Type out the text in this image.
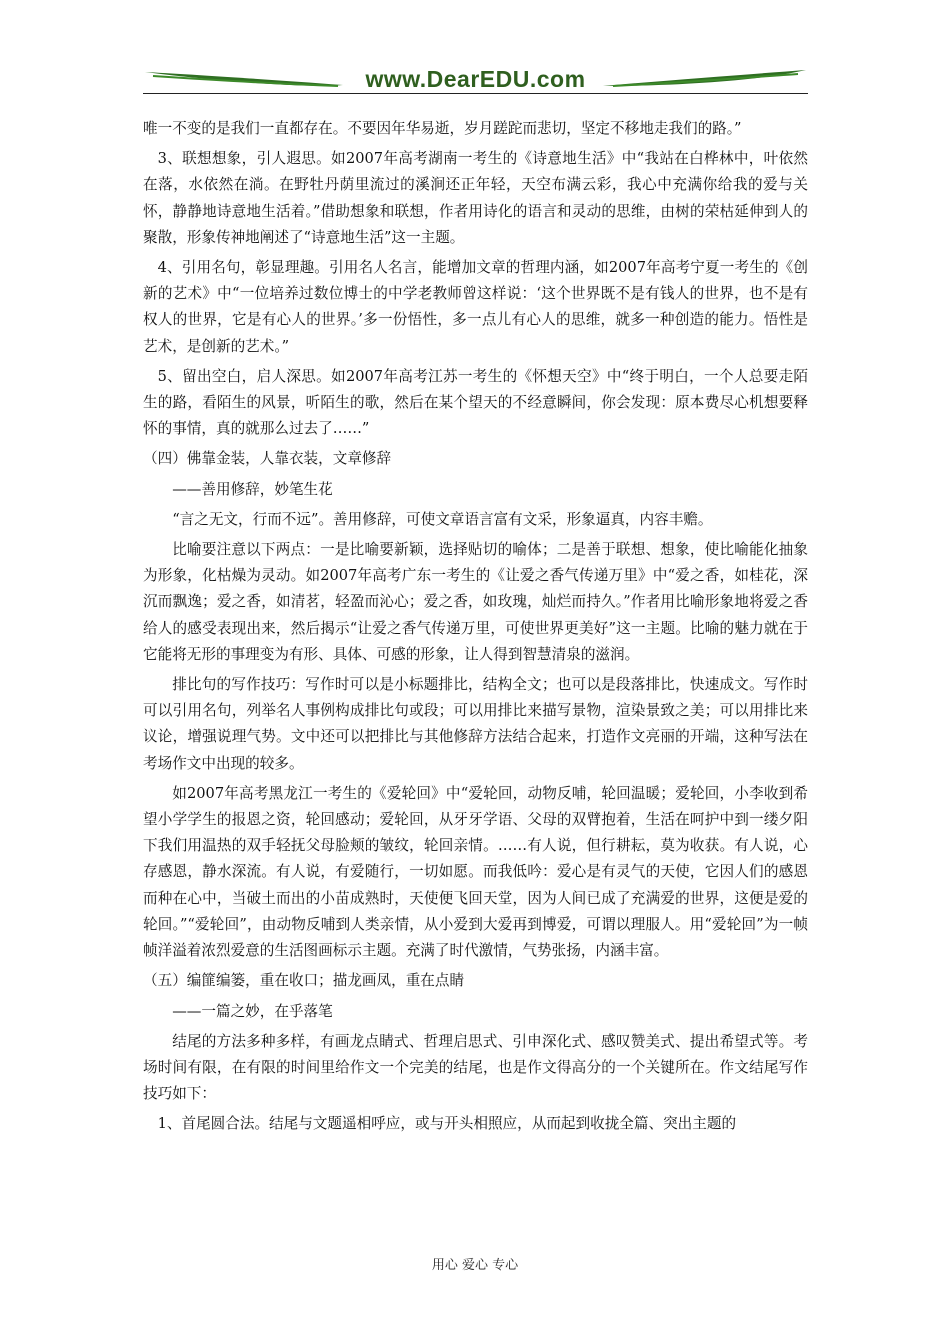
www.DearEDU.com

唯一不变的是我们一直都存在。不要因年华易逝，岁月蹉跎而悲切，坚定不移地走我们的路。”

3、联想想象，引人遐思。如2007年高考湖南一考生的《诗意地生活》中“我站在白桦林中，叶依然在落，水依然在淌。在野牡丹荫里流过的溪涧还正年轻，天空布满云彩，我心中充满你给我的爱与关怀，静静地诗意地生活着。”借助想象和联想，作者用诗化的语言和灵动的思维，由树的荣枯延伸到人的聚散，形象传神地阐述了“诗意地生活”这一主题。

4、引用名句，彰显理趣。引用名人名言，能增加文章的哲理内涵，如2007年高考宁夏一考生的《创新的艺术》中“一位培养过数位博士的中学老教师曾这样说：‘这个世界既不是有钱人的世界，也不是有权人的世界，它是有心人的世界。’多一份悟性，多一点儿有心人的思维，就多一种创造的能力。悟性是艺术，是创新的艺术。”

5、留出空白，启人深思。如2007年高考江苏一考生的《怀想天空》中“终于明白，一个人总要走陌生的路，看陌生的风景，听陌生的歌，然后在某个望天的不经意瞬间，你会发现：原本费尽心机想要释怀的事情，真的就那么过去了……”

（四）佛靠金装，人靠衣装，文章修辞

——善用修辞，妙笔生花

“言之无文，行而不远”。善用修辞，可使文章语言富有文采，形象逼真，内容丰赡。

比喻要注意以下两点：一是比喻要新颖，选择贴切的喻体；二是善于联想、想象，使比喻能化抽象为形象，化枯燥为灵动。如2007年高考广东一考生的《让爱之香气传递万里》中“爱之香，如桂花，深沉而飘逸；爱之香，如清茗，轻盈而沁心；爱之香，如玫瑰，灿烂而持久。”作者用比喻形象地将爱之香给人的感受表现出来，然后揭示“让爱之香气传递万里，可使世界更美好”这一主题。比喻的魅力就在于它能将无形的事理变为有形、具体、可感的形象，让人得到智慧清泉的滋润。

排比句的写作技巧：写作时可以是小标题排比，结构全文；也可以是段落排比，快速成文。写作时可以引用名句，列举名人事例构成排比句或段；可以用排比来描写景物，渲染景致之美；可以用排比来议论，增强说理气势。文中还可以把排比与其他修辞方法结合起来，打造作文亮丽的开端，这种写法在考场作文中出现的较多。

如2007年高考黑龙江一考生的《爱轮回》中“爱轮回，动物反哺，轮回温暖；爱轮回，小李收到希望小学学生的报恩之资，轮回感动；爱轮回，从牙牙学语、父母的双臂抱着，生活在呵护中到一缕夕阳下我们用温热的双手轻抚父母脸颊的皱纹，轮回亲情。……有人说，但行耕耘，莫为收获。有人说，心存感恩，静水深流。有人说，有爱随行，一切如愿。而我低吟：爱心是有灵气的天使，它因人们的感恩而种在心中，当破土而出的小苗成熟时，天使便飞回天堂，因为人间已成了充满爱的世界，这便是爱的轮回。”“爱轮回”，由动物反哺到人类亲情，从小爱到大爱再到博爱，可谓以理服人。用“爱轮回”为一帧帧洋溢着浓烈爱意的生活图画标示主题。充满了时代激情，气势张扬，内涵丰富。

（五）编篚编篓，重在收口；描龙画凤，重在点睛

——一篇之妙，在乎落笔

结尾的方法多种多样，有画龙点睛式、哲理启思式、引申深化式、感叹赞美式、提出希望式等。考场时间有限，在有限的时间里给作文一个完美的结尾，也是作文得高分的一个关键所在。作文结尾写作技巧如下：

1、首尾圆合法。结尾与文题遥相呼应，或与开头相照应，从而起到收拢全篇、突出主题的

用心 爱心 专心
